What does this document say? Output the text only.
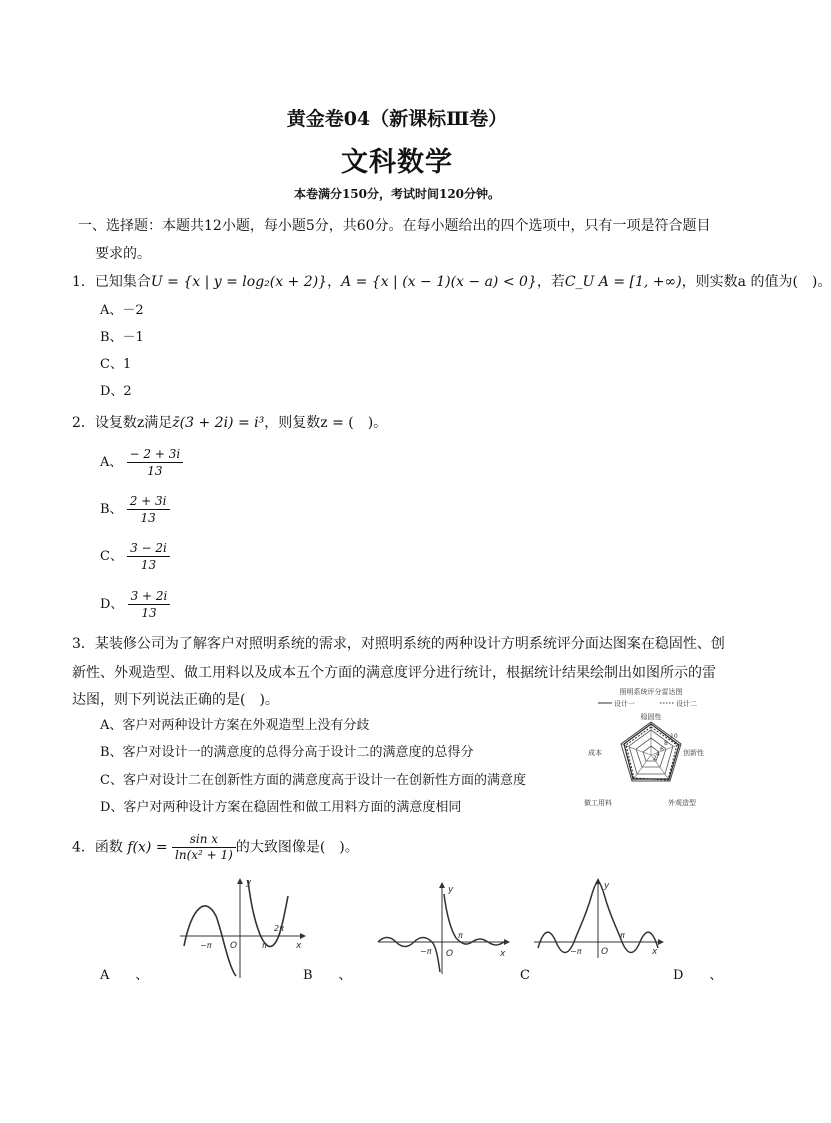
黄金卷04（新课标Ⅲ卷）
文科数学
本卷满分150分，考试时间120分钟。
一、选择题：本题共12小题，每小题5分，共60分。在每小题给出的四个选项中，只有一项是符合题目
要求的。
1．已知集合U = {x | y = log₂(x + 2)}，A = {x | (x − 1)(x − a) < 0}，若C_U A = [1, +∞)，则实数a 的值为(　)。
A、－2
B、－1
C、1
D、2
2．设复数z满足z̄(3 + 2i) = i³，则复数z = (　)。
A、 $\frac{- 2 + 3i}{13}$
B、 $\frac{2 + 3i}{13}$
C、 $\frac{3 - 2i}{13}$
D、 $\frac{3 + 2i}{13}$
3．某装修公司为了解客户对照明系统的需求，对照明系统的两种设计方明系统评分面达图案在稳固性、创
新性、外观造型、做工用料以及成本五个方面的满意度评分进行统计，根据统计结果绘制出如图所示的雷
达图，则下列说法正确的是(　)。
A、客户对两种设计方案在外观造型上没有分歧
B、客户对设计一的满意度的总得分高于设计二的满意度的总得分
C、客户对设计二在创新性方面的满意度高于设计一在创新性方面的满意度
D、客户对两种设计方案在稳固性和做工用料方面的满意度相同
照明系统评分雷达图
设计一	设计二
稳固性
创新性
外观造型
做工用料
成本
10
8
6
4
2
4．函数 $f(x) = \frac{\text{sin x}}{\text{ln(x² + 1)}}$ 的大致图像是(　)。
y
x
−π O	π
2π
y
x
−π O
π
y
x
−π O
π
A　　、	B　　、	C	D　　、
